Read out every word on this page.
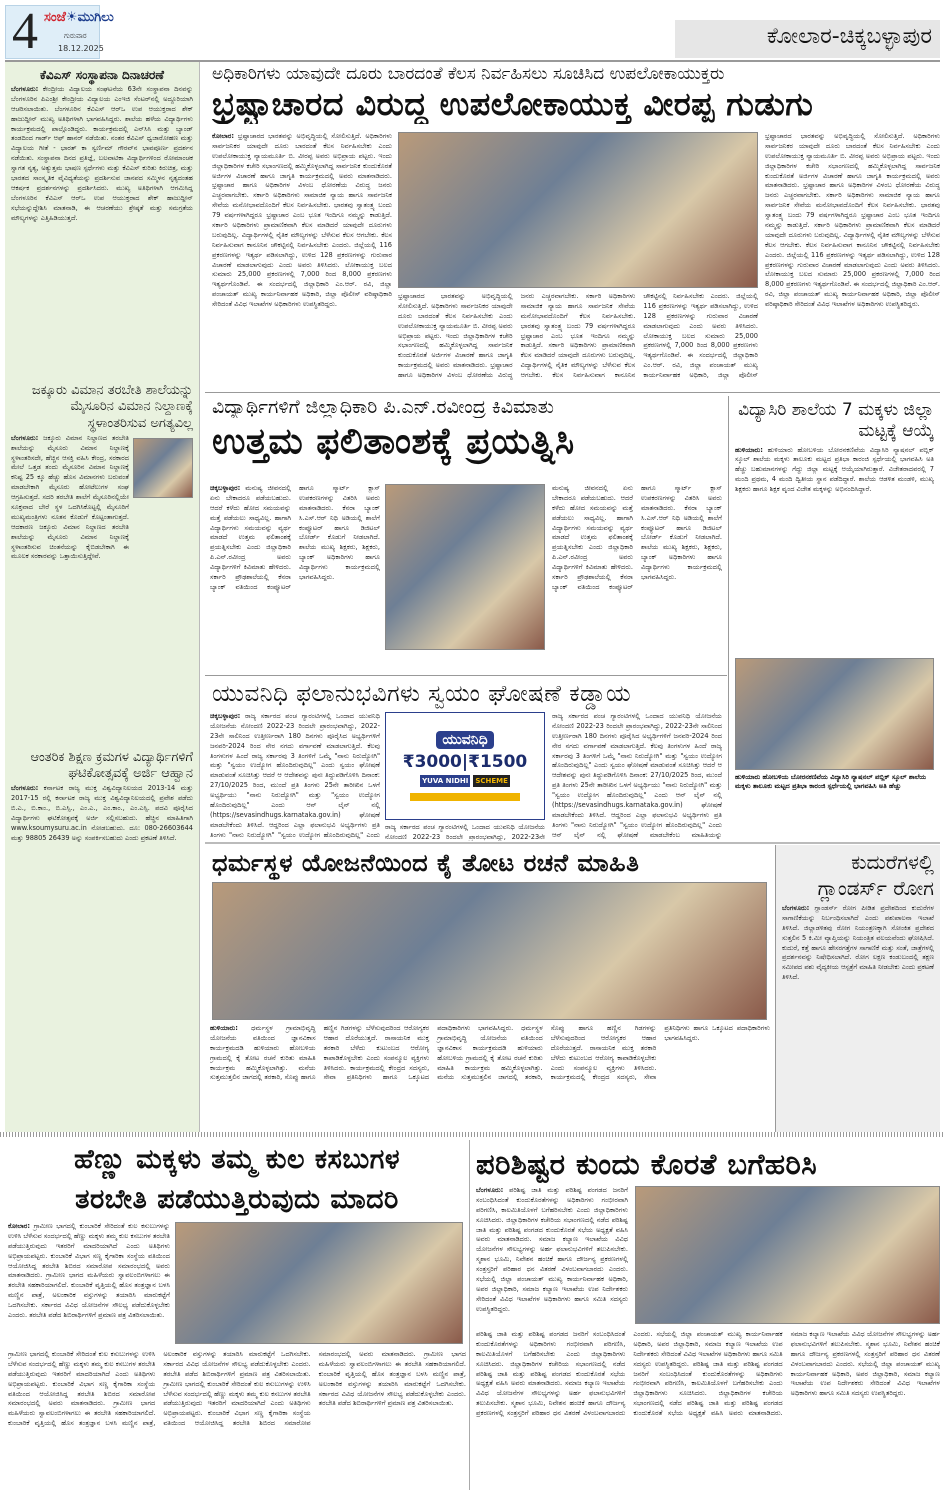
4 ಸಂಜೆ☀ಮುಗಿಲು
ಗುರುವಾರ
18.12.2025	ಕೋಲಾರ-ಚಿಕ್ಕಬಳ್ಳಾಪುರ
ಕೆವಿಎಸ್ ಸಂಸ್ಥಾಪನಾ ದಿನಾಚರಣೆ

ಬೆಂಗಳೂರು: ಕೇಂದ್ರೀಯ ವಿದ್ಯಾಲಯ ಸಂಘಟನೆಯ 63ನೇ ಸಂಸ್ಥಾಪನಾ ದಿನವನ್ನು ಬೆಂಗಳೂರಿನ ಪಿಎಂಶ್ರೀ ಕೇಂದ್ರೀಯ ವಿದ್ಯಾಲಯ ಎಂಇಜಿ ಸೆಂಟರ್‌ನಲ್ಲಿ ಅದ್ದೂರಿಯಾಗಿ ಆಚರಿಸಲಾಯಿತು. ಬೆಂಗಳೂರಿನ ಕೆವಿಎಸ್ ಆರ್‌ಒ ಉಪ ಆಯುಕ್ತರಾದ ಶೇಕ್ ಹಾಜುದ್ದೀನ್ ಮುಖ್ಯ ಅತಿಥಿಗಳಾಗಿ ಭಾಗವಹಿಸಿದ್ದರು. ಶಾಲೆಯ ಹಳೆಯ ವಿದ್ಯಾರ್ಥಿಗಳು ಕಾರ್ಯಕ್ರಮದಲ್ಲಿ ಪಾಲ್ಗೊಂಡಿದ್ದರು. ಕಾರ್ಯಕ್ರಮದಲ್ಲಿ ಎನ್‌ಸಿಸಿ ಮತ್ತು ಬ್ಯಾಂಡ್ ತಂಡದಿಂದ ಗಾರ್ಡ್ ಆಫ್ ಹಾನರ್ ನಡೆಯಿತು. ನಂತರ ಕೆವಿಎಸ್ ಧ್ವಜಾರೋಹಣ ಮತ್ತು ವಿದ್ಯಾಲಯ ಗೀತೆ - ಭಾರತ್ ಕಾ ಸ್ವರ್ಣಿಮ್ ಗೌರವ್‌ನ ಭಾವಪೂರ್ಣ ಪ್ರದರ್ಶನ ನಡೆಯಿತು. ಸಂಸ್ಥಾಪನಾ ದಿನದ ಪ್ರತಿಜ್ಞೆ, ಬಲವಾಟಿಕಾ ವಿದ್ಯಾರ್ಥಿಗಳಿಂದ ರೋಮಾಂಚಕ ಸ್ವಾಗತ ನೃತ್ಯ, ಅತ್ಯುತ್ತಮ ಭಾಷಣ ಸ್ಪರ್ಧೆಗಳು ಮತ್ತು ಕೆವಿಎಸ್ ಕುರಿತು ಕಿರುಚಿತ್ರ, ಮತ್ತು ಭಾರತದ ಸಾಂಸ್ಕೃತಿಕ ವೈವಿಧ್ಯತೆಯನ್ನು ಪ್ರದರ್ಶಿಸುವ ಜಾನಪದ ಸಮ್ಮಿಳನ ನೃತ್ಯದಂತಹ ಆಕರ್ಷಕ ಪ್ರದರ್ಶನಗಳನ್ನು ಪ್ರದರ್ಶಿಸಿದರು. ಮುಖ್ಯ ಅತಿಥಿಗಳಾಗಿ ಆಗಮಿಸಿದ್ದ ಬೆಂಗಳೂರಿನ ಕೆವಿಎಸ್ ಆರ್‌ಒ ಉಪ ಆಯುಕ್ತರಾದ ಶೇಕ್ ಹಾಜುದ್ದೀನ್ ಸಭೆಯನ್ನುದ್ದೇಶಿಸಿ ಮಾತನಾಡಿ, ಈ ಆಚರಣೆಯು ಶ್ರೇಷ್ಠತೆ ಮತ್ತು ಸಮಗ್ರತೆಯ ಮೌಲ್ಯಗಳನ್ನು ಎತ್ತಿಹಿಡಿಯುತ್ತದೆ.

ಜಕ್ಕೂರು ವಿಮಾನ ತರಬೇತಿ ಶಾಲೆಯನ್ನು ಮೈಸೂರಿನ ವಿಮಾನ ನಿಲ್ದಾಣಕ್ಕೆ ಸ್ಥಳಾಂತರಿಸುವ ಅಗತ್ಯವಿಲ್ಲ

ಬೆಂಗಳೂರು: ಜಕ್ಕೂರು ವಿಮಾನ ನಿಲ್ದಾಣದ ತರಬೇತಿ ಶಾಲೆಯನ್ನು ಮೈಸೂರು ವಿಮಾನ ನಿಲ್ದಾಣಕ್ಕೆ ಸ್ಥಳಾಂತರಿಸದೇ, ಹೆಚ್ಚಿನ ಆಸಕ್ತಿ ವಹಿಸಿ ಕೇಂದ್ರ, ಸರಕಾರದ ಮೇಲೆ ಒತ್ತಡ ತಂದು ಮೈಸೂರಿನ ವಿಮಾನ ನಿಲ್ದಾಣಕ್ಕೆ ಕನಿಷ್ಟ 25 ಕ್ಕೂ ಹೆಚ್ಚು ಹೊಸ ವಿಮಾನಗಳು ಬರುವಂತೆ ಮಾಡಬೇಕಾಗಿ ಮೈಸೂರು ಹೋಟೆಲುಗಳ ಸಂಘ ಆಗ್ರಹಿಸುತ್ತದೆ. ಸದರಿ ತರಬೇತಿ ಶಾಲೆಗೆ ಮೈಸೂರಿನಲ್ಲಿಯೇ ಸೂಕ್ತವಾದ ಬೇರೆ ಸ್ಥಳ ಒದಗಿಸಿಕೊಟ್ಟಲ್ಲಿ ಮೈಸೂರಿಗೆ ಮುಖ್ಯಮಂತ್ರಿಗಳು ನೂತನ ಕೊಡುಗೆ ಕೊಟ್ಟಂತಾಗುತ್ತದೆ. ಆದಕಾರಣ ಜಕ್ಕೂರು ವಿಮಾನ ನಿಲ್ದಾಣದ ತರಬೇತಿ ಶಾಲೆಯನ್ನು ಮೈಸೂರು ವಿಮಾನ ನಿಲ್ದಾಣಕ್ಕೆ ಸ್ಥಳಾಂತರಿಸುವ ಚಿಂತನೆಯನ್ನು ಕೈಬಿಡಬೇಕಾಗಿ ಈ ಮೂಲಕ ಸರಕಾರವನ್ನು ಒತ್ತಾಯಿಸುತ್ತಿದ್ದೇವೆ.

ಆಂತರಿಕ ಶಿಕ್ಷಣ ಕ್ರಮಗಳ ವಿದ್ಯಾರ್ಥಿಗಳಿಗೆ ಘಟಿಕೋತ್ಸವಕ್ಕೆ ಅರ್ಜಿ ಆಹ್ವಾನ

ಬೆಂಗಳೂರು: ಕರ್ನಾಟಕ ರಾಜ್ಯ ಮುಕ್ತ ವಿಶ್ವವಿದ್ಯಾನಿಲಯದ 2013-14 ಮತ್ತು 2017-15 ರಲ್ಲಿ ಕರ್ನಾಟಕ ರಾಜ್ಯ ಮುಕ್ತ ವಿಶ್ವವಿದ್ಯಾನಿಲಯದಲ್ಲಿ ಪ್ರವೇಶ ಪಡೆದು ಬಿ.ಎ., ಬಿ.ಕಾಂ., ಬಿ.ಎಸ್ಸಿ., ಎಂ.ಎ., ಎಂ.ಕಾಂ., ಎಂ.ಎಸ್ಸಿ. ಪದವಿ ಪೂರೈಸಿದ ವಿದ್ಯಾರ್ಥಿಗಳು ಘಟಿಕೋತ್ಸವಕ್ಕೆ ಅರ್ಜಿ ಸಲ್ಲಿಸಬಹುದು. ಹೆಚ್ಚಿನ ಮಾಹಿತಿಗಾಗಿ www.ksoumysuru.ac.in ನೋಡಬಹುದು. ದೂ: 080-26603644 ಮತ್ತು 98805 26439 ಅನ್ನು ಸಂಪರ್ಕಿಸಬಹುದು ಎಂದು ಪ್ರಕಟಣೆ ತಿಳಿಸಿದೆ.

ಅಧಿಕಾರಿಗಳು ಯಾವುದೇ ದೂರು ಬಾರದಂತೆ ಕೆಲಸ ನಿರ್ವಹಿಸಲು ಸೂಚಿಸಿದ ಉಪಲೋಕಾಯುಕ್ತರು
ಭ್ರಷ್ಟಾಚಾರದ ವಿರುದ್ಧ ಉಪಲೋಕಾಯುಕ್ತ ವೀರಪ್ಪ ಗುಡುಗು
ಕೋಲಾರ: ಭ್ರಷ್ಟಾಚಾರದ ಭಾರತವನ್ನು ಅಭಿವೃದ್ಧಿಯಲ್ಲಿ ಸೋಲಿಸುತ್ತಿದೆ. ಅಧಿಕಾರಿಗಳು ಸಾರ್ವಜನಿಕರ ಯಾವುದೇ ದೂರು ಬಾರದಂತೆ ಕೆಲಸ ನಿರ್ವಹಿಸಬೇಕು ಎಂದು ಉಪಲೋಕಾಯುಕ್ತ ನ್ಯಾಯಮೂರ್ತಿ ಬಿ. ವೀರಪ್ಪ ಅವರು ಅಭಿಪ್ರಾಯ ಪಟ್ಟರು. ಇಂದು ಜಿಲ್ಲಾಧಿಕಾರಿಗಳ ಕಚೇರಿ ಸಭಾಂಗಣದಲ್ಲಿ ಹಮ್ಮಿಕೊಳ್ಳಲಾಗಿದ್ದ ಸಾರ್ವಜನಿಕ ಕುಂದುಕೊರತೆ ಅರ್ಜಿಗಳ ವಿಚಾರಣೆ ಹಾಗೂ ಜಾಗೃತಿ ಕಾರ್ಯಕ್ರಮದಲ್ಲಿ ಅವರು ಮಾತನಾಡಿದರು. ಭ್ರಷ್ಟಾಚಾರ ಹಾಗೂ ಅಧಿಕಾರಿಗಳ ವಿಳಂಬ ಧೋರಣೆಯ ವಿರುದ್ಧ ಜನರು ಎಚ್ಚರವಾಗಬೇಕು. ಸರ್ಕಾರಿ ಅಧಿಕಾರಿಗಳು ಸಾಮಾಜಿಕ ನ್ಯಾಯ ಹಾಗೂ ಸಾರ್ವಜನಿಕ ಸೇವೆಯ ಮನೋಭಾವದೊಂದಿಗೆ ಕೆಲಸ ನಿರ್ವಹಿಸಬೇಕು. ಭಾರತವು ಸ್ವಾತಂತ್ರ್ಯ ಬಂದು 79 ವರ್ಷಗಳಾಗಿದ್ದರೂ ಭ್ರಷ್ಟಾಚಾರ ಎಂಬ ಭೂತ ಇಂದಿಗೂ ನಮ್ಮನ್ನು ಕಾಡುತ್ತಿದೆ. ಸರ್ಕಾರಿ ಅಧಿಕಾರಿಗಳು ಪ್ರಾಮಾಣಿಕವಾಗಿ ಕೆಲಸ ಮಾಡಿದರೆ ಯಾವುದೇ ದೂರುಗಳು ಬರುವುದಿಲ್ಲ. ವಿದ್ಯಾರ್ಥಿಗಳಲ್ಲಿ ನೈತಿಕ ಮೌಲ್ಯಗಳನ್ನು ಬೆಳೆಸುವ ಕೆಲಸ ಆಗಬೇಕು. ಕೆಲಸ ನಿರ್ವಹಿಸುವಾಗ ಕಾನೂನಿನ ಚೌಕಟ್ಟಿನಲ್ಲಿ ನಿರ್ವಹಿಸಬೇಕು ಎಂದರು. ಜಿಲ್ಲೆಯಲ್ಲಿ 116 ಪ್ರಕರಣಗಳನ್ನು ಇತ್ಯರ್ಥ ಪಡಿಸಲಾಗಿದ್ದು, ಉಳಿದ 128 ಪ್ರಕರಣಗಳನ್ನು ಗುರುವಾರ ವಿಚಾರಣೆ ಮಾಡಲಾಗುವುದು ಎಂದು ಅವರು ತಿಳಿಸಿದರು. ಲೋಕಾಯುಕ್ತ ಬಲದ ಸುಮಾರು 25,000 ಪ್ರಕರಣಗಳಲ್ಲಿ 7,000 ರಿಂದ 8,000 ಪ್ರಕರಣಗಳು ಇತ್ಯರ್ಥಗೊಂಡಿವೆ. ಈ ಸಂದರ್ಭದಲ್ಲಿ ಜಿಲ್ಲಾಧಿಕಾರಿ ಎಂ.ಆರ್. ರವಿ, ಜಿಲ್ಲಾ ಪಂಚಾಯತ್ ಮುಖ್ಯ ಕಾರ್ಯನಿರ್ವಾಹಕ ಅಧಿಕಾರಿ, ಜಿಲ್ಲಾ ಪೊಲೀಸ್ ವರಿಷ್ಠಾಧಿಕಾರಿ ಸೇರಿದಂತೆ ವಿವಿಧ ಇಲಾಖೆಗಳ ಅಧಿಕಾರಿಗಳು ಉಪಸ್ಥಿತರಿದ್ದರು.
ಭ್ರಷ್ಟಾಚಾರದ ಭಾರತವನ್ನು ಅಭಿವೃದ್ಧಿಯಲ್ಲಿ ಸೋಲಿಸುತ್ತಿದೆ. ಅಧಿಕಾರಿಗಳು ಸಾರ್ವಜನಿಕರ ಯಾವುದೇ ದೂರು ಬಾರದಂತೆ ಕೆಲಸ ನಿರ್ವಹಿಸಬೇಕು ಎಂದು ಉಪಲೋಕಾಯುಕ್ತ ನ್ಯಾಯಮೂರ್ತಿ ಬಿ. ವೀರಪ್ಪ ಅವರು ಅಭಿಪ್ರಾಯ ಪಟ್ಟರು. ಇಂದು ಜಿಲ್ಲಾಧಿಕಾರಿಗಳ ಕಚೇರಿ ಸಭಾಂಗಣದಲ್ಲಿ ಹಮ್ಮಿಕೊಳ್ಳಲಾಗಿದ್ದ ಸಾರ್ವಜನಿಕ ಕುಂದುಕೊರತೆ ಅರ್ಜಿಗಳ ವಿಚಾರಣೆ ಹಾಗೂ ಜಾಗೃತಿ ಕಾರ್ಯಕ್ರಮದಲ್ಲಿ ಅವರು ಮಾತನಾಡಿದರು. ಭ್ರಷ್ಟಾಚಾರ ಹಾಗೂ ಅಧಿಕಾರಿಗಳ ವಿಳಂಬ ಧೋರಣೆಯ ವಿರುದ್ಧ ಜನರು ಎಚ್ಚರವಾಗಬೇಕು. ಸರ್ಕಾರಿ ಅಧಿಕಾರಿಗಳು ಸಾಮಾಜಿಕ ನ್ಯಾಯ ಹಾಗೂ ಸಾರ್ವಜನಿಕ ಸೇವೆಯ ಮನೋಭಾವದೊಂದಿಗೆ ಕೆಲಸ ನಿರ್ವಹಿಸಬೇಕು. ಭಾರತವು ಸ್ವಾತಂತ್ರ್ಯ ಬಂದು 79 ವರ್ಷಗಳಾಗಿದ್ದರೂ ಭ್ರಷ್ಟಾಚಾರ ಎಂಬ ಭೂತ ಇಂದಿಗೂ ನಮ್ಮನ್ನು ಕಾಡುತ್ತಿದೆ. ಸರ್ಕಾರಿ ಅಧಿಕಾರಿಗಳು ಪ್ರಾಮಾಣಿಕವಾಗಿ ಕೆಲಸ ಮಾಡಿದರೆ ಯಾವುದೇ ದೂರುಗಳು ಬರುವುದಿಲ್ಲ. ವಿದ್ಯಾರ್ಥಿಗಳಲ್ಲಿ ನೈತಿಕ ಮೌಲ್ಯಗಳನ್ನು ಬೆಳೆಸುವ ಕೆಲಸ ಆಗಬೇಕು. ಕೆಲಸ ನಿರ್ವಹಿಸುವಾಗ ಕಾನೂನಿನ ಚೌಕಟ್ಟಿನಲ್ಲಿ ನಿರ್ವಹಿಸಬೇಕು ಎಂದರು. ಜಿಲ್ಲೆಯಲ್ಲಿ 116 ಪ್ರಕರಣಗಳನ್ನು ಇತ್ಯರ್ಥ ಪಡಿಸಲಾಗಿದ್ದು, ಉಳಿದ 128 ಪ್ರಕರಣಗಳನ್ನು ಗುರುವಾರ ವಿಚಾರಣೆ ಮಾಡಲಾಗುವುದು ಎಂದು ಅವರು ತಿಳಿಸಿದರು. ಲೋಕಾಯುಕ್ತ ಬಲದ ಸುಮಾರು 25,000 ಪ್ರಕರಣಗಳಲ್ಲಿ 7,000 ರಿಂದ 8,000 ಪ್ರಕರಣಗಳು ಇತ್ಯರ್ಥಗೊಂಡಿವೆ. ಈ ಸಂದರ್ಭದಲ್ಲಿ ಜಿಲ್ಲಾಧಿಕಾರಿ ಎಂ.ಆರ್. ರವಿ, ಜಿಲ್ಲಾ ಪಂಚಾಯತ್ ಮುಖ್ಯ ಕಾರ್ಯನಿರ್ವಾಹಕ ಅಧಿಕಾರಿ, ಜಿಲ್ಲಾ ಪೊಲೀಸ್
ಭ್ರಷ್ಟಾಚಾರದ ಭಾರತವನ್ನು ಅಭಿವೃದ್ಧಿಯಲ್ಲಿ ಸೋಲಿಸುತ್ತಿದೆ. ಅಧಿಕಾರಿಗಳು ಸಾರ್ವಜನಿಕರ ಯಾವುದೇ ದೂರು ಬಾರದಂತೆ ಕೆಲಸ ನಿರ್ವಹಿಸಬೇಕು ಎಂದು ಉಪಲೋಕಾಯುಕ್ತ ನ್ಯಾಯಮೂರ್ತಿ ಬಿ. ವೀರಪ್ಪ ಅವರು ಅಭಿಪ್ರಾಯ ಪಟ್ಟರು. ಇಂದು ಜಿಲ್ಲಾಧಿಕಾರಿಗಳ ಕಚೇರಿ ಸಭಾಂಗಣದಲ್ಲಿ ಹಮ್ಮಿಕೊಳ್ಳಲಾಗಿದ್ದ ಸಾರ್ವಜನಿಕ ಕುಂದುಕೊರತೆ ಅರ್ಜಿಗಳ ವಿಚಾರಣೆ ಹಾಗೂ ಜಾಗೃತಿ ಕಾರ್ಯಕ್ರಮದಲ್ಲಿ ಅವರು ಮಾತನಾಡಿದರು. ಭ್ರಷ್ಟಾಚಾರ ಹಾಗೂ ಅಧಿಕಾರಿಗಳ ವಿಳಂಬ ಧೋರಣೆಯ ವಿರುದ್ಧ ಜನರು ಎಚ್ಚರವಾಗಬೇಕು. ಸರ್ಕಾರಿ ಅಧಿಕಾರಿಗಳು ಸಾಮಾಜಿಕ ನ್ಯಾಯ ಹಾಗೂ ಸಾರ್ವಜನಿಕ ಸೇವೆಯ ಮನೋಭಾವದೊಂದಿಗೆ ಕೆಲಸ ನಿರ್ವಹಿಸಬೇಕು. ಭಾರತವು ಸ್ವಾತಂತ್ರ್ಯ ಬಂದು 79 ವರ್ಷಗಳಾಗಿದ್ದರೂ ಭ್ರಷ್ಟಾಚಾರ ಎಂಬ ಭೂತ ಇಂದಿಗೂ ನಮ್ಮನ್ನು ಕಾಡುತ್ತಿದೆ. ಸರ್ಕಾರಿ ಅಧಿಕಾರಿಗಳು ಪ್ರಾಮಾಣಿಕವಾಗಿ ಕೆಲಸ ಮಾಡಿದರೆ ಯಾವುದೇ ದೂರುಗಳು ಬರುವುದಿಲ್ಲ. ವಿದ್ಯಾರ್ಥಿಗಳಲ್ಲಿ ನೈತಿಕ ಮೌಲ್ಯಗಳನ್ನು ಬೆಳೆಸುವ ಕೆಲಸ ಆಗಬೇಕು. ಕೆಲಸ ನಿರ್ವಹಿಸುವಾಗ ಕಾನೂನಿನ ಚೌಕಟ್ಟಿನಲ್ಲಿ ನಿರ್ವಹಿಸಬೇಕು ಎಂದರು. ಜಿಲ್ಲೆಯಲ್ಲಿ 116 ಪ್ರಕರಣಗಳನ್ನು ಇತ್ಯರ್ಥ ಪಡಿಸಲಾಗಿದ್ದು, ಉಳಿದ 128 ಪ್ರಕರಣಗಳನ್ನು ಗುರುವಾರ ವಿಚಾರಣೆ ಮಾಡಲಾಗುವುದು ಎಂದು ಅವರು ತಿಳಿಸಿದರು. ಲೋಕಾಯುಕ್ತ ಬಲದ ಸುಮಾರು 25,000 ಪ್ರಕರಣಗಳಲ್ಲಿ 7,000 ರಿಂದ 8,000 ಪ್ರಕರಣಗಳು ಇತ್ಯರ್ಥಗೊಂಡಿವೆ. ಈ ಸಂದರ್ಭದಲ್ಲಿ ಜಿಲ್ಲಾಧಿಕಾರಿ ಎಂ.ಆರ್. ರವಿ, ಜಿಲ್ಲಾ ಪಂಚಾಯತ್ ಮುಖ್ಯ ಕಾರ್ಯನಿರ್ವಾಹಕ ಅಧಿಕಾರಿ, ಜಿಲ್ಲಾ ಪೊಲೀಸ್ ವರಿಷ್ಠಾಧಿಕಾರಿ ಸೇರಿದಂತೆ ವಿವಿಧ ಇಲಾಖೆಗಳ ಅಧಿಕಾರಿಗಳು ಉಪಸ್ಥಿತರಿದ್ದರು.
ವಿದ್ಯಾರ್ಥಿಗಳಿಗೆ ಜಿಲ್ಲಾಧಿಕಾರಿ ಪಿ.ಎನ್.ರವೀಂದ್ರ ಕಿವಿಮಾತು
ಉತ್ತಮ ಫಲಿತಾಂಶಕ್ಕೆ ಪ್ರಯತ್ನಿಸಿ
ಚಿಕ್ಕಬಳ್ಳಾಪುರ: ಮನುಷ್ಯ ಜೀವನದಲ್ಲಿ ಏನು ಬೇಕಾದರೂ ಪಡೆಯಬಹುದು. ಆದರೆ ಕಳೆದು ಹೋದ ಸಮಯವನ್ನು ಮತ್ತೆ ಪಡೆಯಲು ಸಾಧ್ಯವಿಲ್ಲ. ಹಾಗಾಗಿ ವಿದ್ಯಾರ್ಥಿಗಳು ಸಮಯವನ್ನು ವ್ಯರ್ಥ ಮಾಡದೆ ಉತ್ತಮ ಫಲಿತಾಂಶಕ್ಕೆ ಪ್ರಯತ್ನಿಸಬೇಕು ಎಂದು ಜಿಲ್ಲಾಧಿಕಾರಿ ಪಿ.ಎನ್.ರವೀಂದ್ರ ಅವರು ವಿದ್ಯಾರ್ಥಿಗಳಿಗೆ ಕಿವಿಮಾತು ಹೇಳಿದರು. ಸರ್ಕಾರಿ ಪ್ರೌಢಶಾಲೆಯಲ್ಲಿ ಕೆನರಾ ಬ್ಯಾಂಕ್ ವತಿಯಿಂದ ಕಂಪ್ಯೂಟರ್ ಹಾಗೂ ಸ್ಮಾರ್ಟ್ ಕ್ಲಾಸ್ ಉಪಕರಣಗಳನ್ನು ವಿತರಿಸಿ ಅವರು ಮಾತನಾಡಿದರು. ಕೆನರಾ ಬ್ಯಾಂಕ್ ಸಿ.ಎಸ್.ಆರ್ ನಿಧಿ ಅಡಿಯಲ್ಲಿ ಶಾಲೆಗೆ ಕಂಪ್ಯೂಟರ್ ಹಾಗೂ ಡಿಜಿಟಲ್ ಬೋರ್ಡ್ ಕೊಡುಗೆ ನೀಡಲಾಗಿದೆ. ಶಾಲೆಯ ಮುಖ್ಯ ಶಿಕ್ಷಕರು, ಶಿಕ್ಷಕರು, ಬ್ಯಾಂಕ್ ಅಧಿಕಾರಿಗಳು ಹಾಗೂ ವಿದ್ಯಾರ್ಥಿಗಳು ಕಾರ್ಯಕ್ರಮದಲ್ಲಿ ಭಾಗವಹಿಸಿದ್ದರು.
ಮನುಷ್ಯ ಜೀವನದಲ್ಲಿ ಏನು ಬೇಕಾದರೂ ಪಡೆಯಬಹುದು. ಆದರೆ ಕಳೆದು ಹೋದ ಸಮಯವನ್ನು ಮತ್ತೆ ಪಡೆಯಲು ಸಾಧ್ಯವಿಲ್ಲ. ಹಾಗಾಗಿ ವಿದ್ಯಾರ್ಥಿಗಳು ಸಮಯವನ್ನು ವ್ಯರ್ಥ ಮಾಡದೆ ಉತ್ತಮ ಫಲಿತಾಂಶಕ್ಕೆ ಪ್ರಯತ್ನಿಸಬೇಕು ಎಂದು ಜಿಲ್ಲಾಧಿಕಾರಿ ಪಿ.ಎನ್.ರವೀಂದ್ರ ಅವರು ವಿದ್ಯಾರ್ಥಿಗಳಿಗೆ ಕಿವಿಮಾತು ಹೇಳಿದರು. ಸರ್ಕಾರಿ ಪ್ರೌಢಶಾಲೆಯಲ್ಲಿ ಕೆನರಾ ಬ್ಯಾಂಕ್ ವತಿಯಿಂದ ಕಂಪ್ಯೂಟರ್ ಹಾಗೂ ಸ್ಮಾರ್ಟ್ ಕ್ಲಾಸ್ ಉಪಕರಣಗಳನ್ನು ವಿತರಿಸಿ ಅವರು ಮಾತನಾಡಿದರು. ಕೆನರಾ ಬ್ಯಾಂಕ್ ಸಿ.ಎಸ್.ಆರ್ ನಿಧಿ ಅಡಿಯಲ್ಲಿ ಶಾಲೆಗೆ ಕಂಪ್ಯೂಟರ್ ಹಾಗೂ ಡಿಜಿಟಲ್ ಬೋರ್ಡ್ ಕೊಡುಗೆ ನೀಡಲಾಗಿದೆ. ಶಾಲೆಯ ಮುಖ್ಯ ಶಿಕ್ಷಕರು, ಶಿಕ್ಷಕರು, ಬ್ಯಾಂಕ್ ಅಧಿಕಾರಿಗಳು ಹಾಗೂ ವಿದ್ಯಾರ್ಥಿಗಳು ಕಾರ್ಯಕ್ರಮದಲ್ಲಿ ಭಾಗವಹಿಸಿದ್ದರು.
ವಿದ್ಯಾಸಿರಿ ಶಾಲೆಯ 7 ಮಕ್ಕಳು ಜಿಲ್ಲಾ ಮಟ್ಟಕ್ಕೆ ಆಯ್ಕೆ

ಹುಳಿಯಾರು: ಹುಳಿಯಾರು ಹೋಬಳಿಯ ಬೋರನಕಣಿವೆಯ ವಿದ್ಯಾಸಿರಿ ನ್ಯಾಷನಲ್ ಪಬ್ಲಿಕ್ ಸ್ಕೂಲ್ ಶಾಲೆಯ ಮಕ್ಕಳು ತಾಲೂಕು ಮಟ್ಟದ ಪ್ರತಿಭಾ ಕಾರಂಜಿ ಸ್ಪರ್ಧೆಯಲ್ಲಿ ಭಾಗವಹಿಸಿ ಅತಿ ಹೆಚ್ಚು ಬಹುಮಾನಗಳನ್ನು ಗೆದ್ದು ಜಿಲ್ಲಾ ಮಟ್ಟಕ್ಕೆ ಆಯ್ಕೆಯಾಗಿರುತ್ತಾರೆ. ವಿಜೇತರಾದವರಲ್ಲಿ 7 ಮಂದಿ ಪ್ರಥಮ, 4 ಮಂದಿ ದ್ವಿತೀಯ ಸ್ಥಾನ ಪಡೆದಿದ್ದಾರೆ. ಶಾಲೆಯ ಆಡಳಿತ ಮಂಡಳಿ, ಮುಖ್ಯ ಶಿಕ್ಷಕರು ಹಾಗೂ ಶಿಕ್ಷಕ ವೃಂದ ವಿಜೇತ ಮಕ್ಕಳನ್ನು ಅಭಿನಂದಿಸಿದ್ದಾರೆ.

ಹುಳಿಯಾರು ಹೋಬಳಿಯ ಬೋರನಕಣಿವೆಯ ವಿದ್ಯಾಸಿರಿ ನ್ಯಾಷನಲ್ ಪಬ್ಲಿಕ್ ಸ್ಕೂಲ್ ಶಾಲೆಯ ಮಕ್ಕಳು ತಾಲೂಕು ಮಟ್ಟದ ಪ್ರತಿಭಾ ಕಾರಂಜಿ ಸ್ಪರ್ಧೆಯಲ್ಲಿ ಭಾಗವಹಿಸಿ ಅತಿ ಹೆಚ್ಚು

ಯುವನಿಧಿ ಫಲಾನುಭವಿಗಳು ಸ್ವಯಂ ಘೋಷಣೆ ಕಡ್ಡಾಯ
ಚಿಕ್ಕಬಳ್ಳಾಪುರ: ರಾಜ್ಯ ಸರ್ಕಾರದ ಪಂಚ ಗ್ಯಾರಂಟಿಗಳಲ್ಲಿ ಒಂದಾದ ಯುವನಿಧಿ ಯೋಜನೆಯ ನೋಂದಣಿ 2022-23 ರಿಂದಲೇ ಪ್ರಾರಂಭವಾಗಿದ್ದು, 2022-23ನೇ ಸಾಲಿನಿಂದ ಉತ್ತೀರ್ಣರಾಗಿ 180 ದಿನಗಳು ಪೂರೈಸಿದ ಅಭ್ಯರ್ಥಿಗಳಿಗೆ ಜನವರಿ-2024 ರಿಂದ ನೇರ ನಗದು ವರ್ಗಾವಣೆ ಮಾಡಲಾಗುತ್ತಿದೆ. ಕೆಲವು ತಿಂಗಳುಗಳ ಹಿಂದೆ ರಾಜ್ಯ ಸರ್ಕಾರವು 3 ತಿಂಗಳಿಗೆ ಒಮ್ಮೆ "ನಾನು ನಿರುದ್ಯೋಗಿ" ಮತ್ತು "ಸ್ವಯಂ ಉದ್ಯೋಗ ಹೊಂದಿರುವುದಿಲ್ಲ" ಎಂದು ಸ್ವಯಂ ಘೋಷಣೆ ಮಾಡುವಂತೆ ಸೂಚಿಸಿತ್ತು ಆದರೆ ಆ ಆದೇಶವನ್ನು ಪುನಃ ತಿದ್ದುಪಡಿಗೊಳಿಸಿ ದಿನಾಂಕ: 27/10/2025 ರಿಂದ, ಮುಂದೆ ಪ್ರತಿ ತಿಂಗಳು 25ನೇ ತಾರೀಖಿನ ಒಳಗೆ ಅಭ್ಯರ್ಥಿಯು "ನಾನು ನಿರುದ್ಯೋಗಿ" ಮತ್ತು "ಸ್ವಯಂ ಉದ್ಯೋಗ ಹೊಂದಿರುವುದಿಲ್ಲ" ಎಂದು ಆನ್ ಲೈನ್ ನಲ್ಲಿ (https://sevasindhugs.karnataka.gov.in) ಘೋಷಣೆ ಮಾಡಬೇಕೆಂದು ತಿಳಿಸಿದೆ. ಆದ್ದರಿಂದ ಎಲ್ಲಾ ಫಲಾನುಭವಿ ಅಭ್ಯರ್ಥಿಗಳು ಪ್ರತಿ ತಿಂಗಳು "ನಾನು ನಿರುದ್ಯೋಗಿ" "ಸ್ವಯಂ ಉದ್ಯೋಗ ಹೊಂದಿರುವುದಿಲ್ಲ" ಎಂದು
ಯುವನಿಧಿ
₹3000|₹1500
YUVA NIDHI SCHEME
ರಾಜ್ಯ ಸರ್ಕಾರದ ಪಂಚ ಗ್ಯಾರಂಟಿಗಳಲ್ಲಿ ಒಂದಾದ ಯುವನಿಧಿ ಯೋಜನೆಯ ನೋಂದಣಿ 2022-23 ರಿಂದಲೇ ಪ್ರಾರಂಭವಾಗಿದ್ದು, 2022-23ನೇ
ರಾಜ್ಯ ಸರ್ಕಾರದ ಪಂಚ ಗ್ಯಾರಂಟಿಗಳಲ್ಲಿ ಒಂದಾದ ಯುವನಿಧಿ ಯೋಜನೆಯ ನೋಂದಣಿ 2022-23 ರಿಂದಲೇ ಪ್ರಾರಂಭವಾಗಿದ್ದು, 2022-23ನೇ ಸಾಲಿನಿಂದ ಉತ್ತೀರ್ಣರಾಗಿ 180 ದಿನಗಳು ಪೂರೈಸಿದ ಅಭ್ಯರ್ಥಿಗಳಿಗೆ ಜನವರಿ-2024 ರಿಂದ ನೇರ ನಗದು ವರ್ಗಾವಣೆ ಮಾಡಲಾಗುತ್ತಿದೆ. ಕೆಲವು ತಿಂಗಳುಗಳ ಹಿಂದೆ ರಾಜ್ಯ ಸರ್ಕಾರವು 3 ತಿಂಗಳಿಗೆ ಒಮ್ಮೆ "ನಾನು ನಿರುದ್ಯೋಗಿ" ಮತ್ತು "ಸ್ವಯಂ ಉದ್ಯೋಗ ಹೊಂದಿರುವುದಿಲ್ಲ" ಎಂದು ಸ್ವಯಂ ಘೋಷಣೆ ಮಾಡುವಂತೆ ಸೂಚಿಸಿತ್ತು ಆದರೆ ಆ ಆದೇಶವನ್ನು ಪುನಃ ತಿದ್ದುಪಡಿಗೊಳಿಸಿ ದಿನಾಂಕ: 27/10/2025 ರಿಂದ, ಮುಂದೆ ಪ್ರತಿ ತಿಂಗಳು 25ನೇ ತಾರೀಖಿನ ಒಳಗೆ ಅಭ್ಯರ್ಥಿಯು "ನಾನು ನಿರುದ್ಯೋಗಿ" ಮತ್ತು "ಸ್ವಯಂ ಉದ್ಯೋಗ ಹೊಂದಿರುವುದಿಲ್ಲ" ಎಂದು ಆನ್ ಲೈನ್ ನಲ್ಲಿ (https://sevasindhugs.karnataka.gov.in) ಘೋಷಣೆ ಮಾಡಬೇಕೆಂದು ತಿಳಿಸಿದೆ. ಆದ್ದರಿಂದ ಎಲ್ಲಾ ಫಲಾನುಭವಿ ಅಭ್ಯರ್ಥಿಗಳು ಪ್ರತಿ ತಿಂಗಳು "ನಾನು ನಿರುದ್ಯೋಗಿ" "ಸ್ವಯಂ ಉದ್ಯೋಗ ಹೊಂದಿರುವುದಿಲ್ಲ" ಎಂದು ಆನ್ ಲೈನ್ ನಲ್ಲಿ ಘೋಷಣೆ ಮಾಡಬೇಕೆಂಬ ಮಾಹಿತಿಯನ್ನು
ಧರ್ಮಸ್ಥಳ ಯೋಜನೆಯಿಂದ ಕೈ ತೋಟ ರಚನೆ ಮಾಹಿತಿ
ಹುಳಿಯಾರು: ಧರ್ಮಸ್ಥಳ ಗ್ರಾಮಾಭಿವೃದ್ಧಿ ಯೋಜನೆಯ ವತಿಯಿಂದ ಜ್ಞಾನವಿಕಾಸ ಕಾರ್ಯಕ್ರಮದಡಿ ಹುಳಿಯಾರು ಹೋಬಳಿಯ ಗ್ರಾಮದಲ್ಲಿ ಕೈ ತೋಟ ರಚನೆ ಕುರಿತು ಮಾಹಿತಿ ಕಾರ್ಯಕ್ರಮ ಹಮ್ಮಿಕೊಳ್ಳಲಾಗಿತ್ತು. ಮನೆಯ ಸುತ್ತಮುತ್ತಲಿನ ಜಾಗದಲ್ಲಿ ತರಕಾರಿ, ಸೊಪ್ಪು ಹಾಗೂ ಹಣ್ಣಿನ ಗಿಡಗಳನ್ನು ಬೆಳೆಸುವುದರಿಂದ ಆರೋಗ್ಯಕರ ಆಹಾರ ದೊರೆಯುತ್ತದೆ. ರಾಸಾಯನಿಕ ಮುಕ್ತ ತರಕಾರಿ ಬೆಳೆದು ಕುಟುಂಬದ ಆರೋಗ್ಯ ಕಾಪಾಡಿಕೊಳ್ಳಬೇಕು ಎಂದು ಸಂಪನ್ಮೂಲ ವ್ಯಕ್ತಿಗಳು ತಿಳಿಸಿದರು. ಕಾರ್ಯಕ್ರಮದಲ್ಲಿ ಕೇಂದ್ರದ ಸದಸ್ಯರು, ಸೇವಾ ಪ್ರತಿನಿಧಿಗಳು ಹಾಗೂ ಒಕ್ಕೂಟದ ಪದಾಧಿಕಾರಿಗಳು ಭಾಗವಹಿಸಿದ್ದರು. ಧರ್ಮಸ್ಥಳ ಗ್ರಾಮಾಭಿವೃದ್ಧಿ ಯೋಜನೆಯ ವತಿಯಿಂದ ಜ್ಞಾನವಿಕಾಸ ಕಾರ್ಯಕ್ರಮದಡಿ ಹುಳಿಯಾರು ಹೋಬಳಿಯ ಗ್ರಾಮದಲ್ಲಿ ಕೈ ತೋಟ ರಚನೆ ಕುರಿತು ಮಾಹಿತಿ ಕಾರ್ಯಕ್ರಮ ಹಮ್ಮಿಕೊಳ್ಳಲಾಗಿತ್ತು. ಮನೆಯ ಸುತ್ತಮುತ್ತಲಿನ ಜಾಗದಲ್ಲಿ ತರಕಾರಿ, ಸೊಪ್ಪು ಹಾಗೂ ಹಣ್ಣಿನ ಗಿಡಗಳನ್ನು ಬೆಳೆಸುವುದರಿಂದ ಆರೋಗ್ಯಕರ ಆಹಾರ ದೊರೆಯುತ್ತದೆ. ರಾಸಾಯನಿಕ ಮುಕ್ತ ತರಕಾರಿ ಬೆಳೆದು ಕುಟುಂಬದ ಆರೋಗ್ಯ ಕಾಪಾಡಿಕೊಳ್ಳಬೇಕು ಎಂದು ಸಂಪನ್ಮೂಲ ವ್ಯಕ್ತಿಗಳು ತಿಳಿಸಿದರು. ಕಾರ್ಯಕ್ರಮದಲ್ಲಿ ಕೇಂದ್ರದ ಸದಸ್ಯರು, ಸೇವಾ ಪ್ರತಿನಿಧಿಗಳು ಹಾಗೂ ಒಕ್ಕೂಟದ ಪದಾಧಿಕಾರಿಗಳು ಭಾಗವಹಿಸಿದ್ದರು.
ಕುದುರೆಗಳಲ್ಲಿ ಗ್ಲಾಂಡರ್ಸ್ ರೋಗ

ಬೆಂಗಳೂರು: ಗ್ಲಾಂಡರ್ಸ್ ರೋಗ ಪೀಡಿತ ಪ್ರದೇಶದಿಂದ ಕುದುರೆಗಳ ಸಾಗಾಣಿಕೆಯನ್ನು ನಿರ್ಬಂಧಿಸಲಾಗಿದೆ ಎಂದು ಪಶುಪಾಲನಾ ಇಲಾಖೆ ತಿಳಿಸಿದೆ. ಜಿಲ್ಲಾಡಳಿತವು ರೋಗ ನಿಯಂತ್ರಣಕ್ಕಾಗಿ ಸೋಂಕಿತ ಪ್ರದೇಶದ ಸುತ್ತಲಿನ 5 ಕಿ.ಮೀ ವ್ಯಾಪ್ತಿಯನ್ನು ನಿಯಂತ್ರಿತ ವಲಯವೆಂದು ಘೋಷಿಸಿದೆ. ಕುದುರೆ, ಕತ್ತೆ ಹಾಗೂ ಹೇಸರಗತ್ತೆಗಳ ಸಾಗಾಣಿಕೆ ಮತ್ತು ಸಂತೆ, ಜಾತ್ರೆಗಳಲ್ಲಿ ಪ್ರದರ್ಶನವನ್ನು ನಿಷೇಧಿಸಲಾಗಿದೆ. ರೋಗ ಲಕ್ಷಣ ಕಂಡುಬಂದಲ್ಲಿ ತಕ್ಷಣ ಸಮೀಪದ ಪಶು ವೈದ್ಯಕೀಯ ಆಸ್ಪತ್ರೆಗೆ ಮಾಹಿತಿ ನೀಡಬೇಕು ಎಂದು ಪ್ರಕಟಣೆ ತಿಳಿಸಿದೆ.

ಹೆಣ್ಣು ಮಕ್ಕಳು ತಮ್ಮ ಕುಲ ಕಸಬುಗಳ
ತರಬೇತಿ ಪಡೆಯುತ್ತಿರುವುದು ಮಾದರಿ
ಕೋಲಾರ: ಗ್ರಾಮೀಣ ಭಾಗದಲ್ಲಿ ಕುಂಬಾರಿಕೆ ಸೇರಿದಂತೆ ಕುಲ ಕಸುಬುಗಳನ್ನು ಉಳಿಸಿ ಬೆಳೆಸುವ ಸಂದರ್ಭದಲ್ಲಿ ಹೆಣ್ಣು ಮಕ್ಕಳು ತಮ್ಮ ಕುಲ ಕಸಬುಗಳ ತರಬೇತಿ ಪಡೆಯುತ್ತಿರುವುದು ಇತರರಿಗೆ ಮಾದರಿಯಾಗಿದೆ ಎಂದು ಅತಿಥಿಗಳು ಅಭಿಪ್ರಾಯಪಟ್ಟರು. ಕುಂಬಾರಿಕೆ ವಿಭಾಗ ಸಣ್ಣ ಕೈಗಾರಿಕಾ ಸಂಸ್ಥೆಯ ವತಿಯಿಂದ ಆಯೋಜಿಸಿದ್ದ ತರಬೇತಿ ಶಿಬಿರದ ಸಮಾರೋಪ ಸಮಾರಂಭದಲ್ಲಿ ಅವರು ಮಾತನಾಡಿದರು. ಗ್ರಾಮೀಣ ಭಾಗದ ಮಹಿಳೆಯರು ಸ್ವಾವಲಂಬಿಗಳಾಗಲು ಈ ತರಬೇತಿ ಸಹಕಾರಿಯಾಗಲಿದೆ. ಕುಂಬಾರಿಕೆ ವೃತ್ತಿಯಲ್ಲಿ ಹೊಸ ತಂತ್ರಜ್ಞಾನ ಬಳಸಿ ಮಣ್ಣಿನ ಪಾತ್ರೆ, ಅಲಂಕಾರಿಕ ವಸ್ತುಗಳನ್ನು ತಯಾರಿಸಿ ಮಾರುಕಟ್ಟೆಗೆ ಒದಗಿಸಬೇಕು. ಸರ್ಕಾರದ ವಿವಿಧ ಯೋಜನೆಗಳ ಸೌಲಭ್ಯ ಪಡೆದುಕೊಳ್ಳಬೇಕು ಎಂದರು. ತರಬೇತಿ ಪಡೆದ ಶಿಬಿರಾರ್ಥಿಗಳಿಗೆ ಪ್ರಮಾಣ ಪತ್ರ ವಿತರಿಸಲಾಯಿತು.
ಗ್ರಾಮೀಣ ಭಾಗದಲ್ಲಿ ಕುಂಬಾರಿಕೆ ಸೇರಿದಂತೆ ಕುಲ ಕಸುಬುಗಳನ್ನು ಉಳಿಸಿ ಬೆಳೆಸುವ ಸಂದರ್ಭದಲ್ಲಿ ಹೆಣ್ಣು ಮಕ್ಕಳು ತಮ್ಮ ಕುಲ ಕಸಬುಗಳ ತರಬೇತಿ ಪಡೆಯುತ್ತಿರುವುದು ಇತರರಿಗೆ ಮಾದರಿಯಾಗಿದೆ ಎಂದು ಅತಿಥಿಗಳು ಅಭಿಪ್ರಾಯಪಟ್ಟರು. ಕುಂಬಾರಿಕೆ ವಿಭಾಗ ಸಣ್ಣ ಕೈಗಾರಿಕಾ ಸಂಸ್ಥೆಯ ವತಿಯಿಂದ ಆಯೋಜಿಸಿದ್ದ ತರಬೇತಿ ಶಿಬಿರದ ಸಮಾರೋಪ ಸಮಾರಂಭದಲ್ಲಿ ಅವರು ಮಾತನಾಡಿದರು. ಗ್ರಾಮೀಣ ಭಾಗದ ಮಹಿಳೆಯರು ಸ್ವಾವಲಂಬಿಗಳಾಗಲು ಈ ತರಬೇತಿ ಸಹಕಾರಿಯಾಗಲಿದೆ. ಕುಂಬಾರಿಕೆ ವೃತ್ತಿಯಲ್ಲಿ ಹೊಸ ತಂತ್ರಜ್ಞಾನ ಬಳಸಿ ಮಣ್ಣಿನ ಪಾತ್ರೆ, ಅಲಂಕಾರಿಕ ವಸ್ತುಗಳನ್ನು ತಯಾರಿಸಿ ಮಾರುಕಟ್ಟೆಗೆ ಒದಗಿಸಬೇಕು. ಸರ್ಕಾರದ ವಿವಿಧ ಯೋಜನೆಗಳ ಸೌಲಭ್ಯ ಪಡೆದುಕೊಳ್ಳಬೇಕು ಎಂದರು. ತರಬೇತಿ ಪಡೆದ ಶಿಬಿರಾರ್ಥಿಗಳಿಗೆ ಪ್ರಮಾಣ ಪತ್ರ ವಿತರಿಸಲಾಯಿತು. ಗ್ರಾಮೀಣ ಭಾಗದಲ್ಲಿ ಕುಂಬಾರಿಕೆ ಸೇರಿದಂತೆ ಕುಲ ಕಸುಬುಗಳನ್ನು ಉಳಿಸಿ ಬೆಳೆಸುವ ಸಂದರ್ಭದಲ್ಲಿ ಹೆಣ್ಣು ಮಕ್ಕಳು ತಮ್ಮ ಕುಲ ಕಸಬುಗಳ ತರಬೇತಿ ಪಡೆಯುತ್ತಿರುವುದು ಇತರರಿಗೆ ಮಾದರಿಯಾಗಿದೆ ಎಂದು ಅತಿಥಿಗಳು ಅಭಿಪ್ರಾಯಪಟ್ಟರು. ಕುಂಬಾರಿಕೆ ವಿಭಾಗ ಸಣ್ಣ ಕೈಗಾರಿಕಾ ಸಂಸ್ಥೆಯ ವತಿಯಿಂದ ಆಯೋಜಿಸಿದ್ದ ತರಬೇತಿ ಶಿಬಿರದ ಸಮಾರೋಪ ಸಮಾರಂಭದಲ್ಲಿ ಅವರು ಮಾತನಾಡಿದರು. ಗ್ರಾಮೀಣ ಭಾಗದ ಮಹಿಳೆಯರು ಸ್ವಾವಲಂಬಿಗಳಾಗಲು ಈ ತರಬೇತಿ ಸಹಕಾರಿಯಾಗಲಿದೆ. ಕುಂಬಾರಿಕೆ ವೃತ್ತಿಯಲ್ಲಿ ಹೊಸ ತಂತ್ರಜ್ಞಾನ ಬಳಸಿ ಮಣ್ಣಿನ ಪಾತ್ರೆ, ಅಲಂಕಾರಿಕ ವಸ್ತುಗಳನ್ನು ತಯಾರಿಸಿ ಮಾರುಕಟ್ಟೆಗೆ ಒದಗಿಸಬೇಕು. ಸರ್ಕಾರದ ವಿವಿಧ ಯೋಜನೆಗಳ ಸೌಲಭ್ಯ ಪಡೆದುಕೊಳ್ಳಬೇಕು ಎಂದರು. ತರಬೇತಿ ಪಡೆದ ಶಿಬಿರಾರ್ಥಿಗಳಿಗೆ ಪ್ರಮಾಣ ಪತ್ರ ವಿತರಿಸಲಾಯಿತು.
ಪರಿಶಿಷ್ಟರ ಕುಂದು ಕೊರತೆ ಬಗೆಹರಿಸಿ
ಬೆಂಗಳೂರು: ಪರಿಶಿಷ್ಟ ಜಾತಿ ಮತ್ತು ಪರಿಶಿಷ್ಟ ಪಂಗಡದ ಜನರಿಗೆ ಸಂಬಂಧಿಸಿದಂತೆ ಕುಂದುಕೊರತೆಗಳನ್ನು ಅಧಿಕಾರಿಗಳು ಗಂಭೀರವಾಗಿ ಪರಿಗಣಿಸಿ, ಕಾಲಮಿತಿಯೊಳಗೆ ಬಗೆಹರಿಸಬೇಕು ಎಂದು ಜಿಲ್ಲಾಧಿಕಾರಿಗಳು ಸೂಚಿಸಿದರು. ಜಿಲ್ಲಾಧಿಕಾರಿಗಳ ಕಚೇರಿಯ ಸಭಾಂಗಣದಲ್ಲಿ ನಡೆದ ಪರಿಶಿಷ್ಟ ಜಾತಿ ಮತ್ತು ಪರಿಶಿಷ್ಟ ಪಂಗಡದ ಕುಂದುಕೊರತೆ ಸಭೆಯ ಅಧ್ಯಕ್ಷತೆ ವಹಿಸಿ ಅವರು ಮಾತನಾಡಿದರು. ಸಮಾಜ ಕಲ್ಯಾಣ ಇಲಾಖೆಯ ವಿವಿಧ ಯೋಜನೆಗಳ ಸೌಲಭ್ಯಗಳನ್ನು ಅರ್ಹ ಫಲಾನುಭವಿಗಳಿಗೆ ತಲುಪಿಸಬೇಕು. ಸ್ಮಶಾನ ಭೂಮಿ, ನಿವೇಶನ ಹಂಚಿಕೆ ಹಾಗೂ ದೌರ್ಜನ್ಯ ಪ್ರಕರಣಗಳಲ್ಲಿ ಸಂತ್ರಸ್ತರಿಗೆ ಪರಿಹಾರ ಧನ ವಿತರಣೆ ವಿಳಂಬವಾಗಬಾರದು ಎಂದರು. ಸಭೆಯಲ್ಲಿ ಜಿಲ್ಲಾ ಪಂಚಾಯತ್ ಮುಖ್ಯ ಕಾರ್ಯನಿರ್ವಾಹಕ ಅಧಿಕಾರಿ, ಅಪರ ಜಿಲ್ಲಾಧಿಕಾರಿ, ಸಮಾಜ ಕಲ್ಯಾಣ ಇಲಾಖೆಯ ಉಪ ನಿರ್ದೇಶಕರು ಸೇರಿದಂತೆ ವಿವಿಧ ಇಲಾಖೆಗಳ ಅಧಿಕಾರಿಗಳು ಹಾಗೂ ಸಮಿತಿ ಸದಸ್ಯರು ಉಪಸ್ಥಿತರಿದ್ದರು.
ಪರಿಶಿಷ್ಟ ಜಾತಿ ಮತ್ತು ಪರಿಶಿಷ್ಟ ಪಂಗಡದ ಜನರಿಗೆ ಸಂಬಂಧಿಸಿದಂತೆ ಕುಂದುಕೊರತೆಗಳನ್ನು ಅಧಿಕಾರಿಗಳು ಗಂಭೀರವಾಗಿ ಪರಿಗಣಿಸಿ, ಕಾಲಮಿತಿಯೊಳಗೆ ಬಗೆಹರಿಸಬೇಕು ಎಂದು ಜಿಲ್ಲಾಧಿಕಾರಿಗಳು ಸೂಚಿಸಿದರು. ಜಿಲ್ಲಾಧಿಕಾರಿಗಳ ಕಚೇರಿಯ ಸಭಾಂಗಣದಲ್ಲಿ ನಡೆದ ಪರಿಶಿಷ್ಟ ಜಾತಿ ಮತ್ತು ಪರಿಶಿಷ್ಟ ಪಂಗಡದ ಕುಂದುಕೊರತೆ ಸಭೆಯ ಅಧ್ಯಕ್ಷತೆ ವಹಿಸಿ ಅವರು ಮಾತನಾಡಿದರು. ಸಮಾಜ ಕಲ್ಯಾಣ ಇಲಾಖೆಯ ವಿವಿಧ ಯೋಜನೆಗಳ ಸೌಲಭ್ಯಗಳನ್ನು ಅರ್ಹ ಫಲಾನುಭವಿಗಳಿಗೆ ತಲುಪಿಸಬೇಕು. ಸ್ಮಶಾನ ಭೂಮಿ, ನಿವೇಶನ ಹಂಚಿಕೆ ಹಾಗೂ ದೌರ್ಜನ್ಯ ಪ್ರಕರಣಗಳಲ್ಲಿ ಸಂತ್ರಸ್ತರಿಗೆ ಪರಿಹಾರ ಧನ ವಿತರಣೆ ವಿಳಂಬವಾಗಬಾರದು ಎಂದರು. ಸಭೆಯಲ್ಲಿ ಜಿಲ್ಲಾ ಪಂಚಾಯತ್ ಮುಖ್ಯ ಕಾರ್ಯನಿರ್ವಾಹಕ ಅಧಿಕಾರಿ, ಅಪರ ಜಿಲ್ಲಾಧಿಕಾರಿ, ಸಮಾಜ ಕಲ್ಯಾಣ ಇಲಾಖೆಯ ಉಪ ನಿರ್ದೇಶಕರು ಸೇರಿದಂತೆ ವಿವಿಧ ಇಲಾಖೆಗಳ ಅಧಿಕಾರಿಗಳು ಹಾಗೂ ಸಮಿತಿ ಸದಸ್ಯರು ಉಪಸ್ಥಿತರಿದ್ದರು. ಪರಿಶಿಷ್ಟ ಜಾತಿ ಮತ್ತು ಪರಿಶಿಷ್ಟ ಪಂಗಡದ ಜನರಿಗೆ ಸಂಬಂಧಿಸಿದಂತೆ ಕುಂದುಕೊರತೆಗಳನ್ನು ಅಧಿಕಾರಿಗಳು ಗಂಭೀರವಾಗಿ ಪರಿಗಣಿಸಿ, ಕಾಲಮಿತಿಯೊಳಗೆ ಬಗೆಹರಿಸಬೇಕು ಎಂದು ಜಿಲ್ಲಾಧಿಕಾರಿಗಳು ಸೂಚಿಸಿದರು. ಜಿಲ್ಲಾಧಿಕಾರಿಗಳ ಕಚೇರಿಯ ಸಭಾಂಗಣದಲ್ಲಿ ನಡೆದ ಪರಿಶಿಷ್ಟ ಜಾತಿ ಮತ್ತು ಪರಿಶಿಷ್ಟ ಪಂಗಡದ ಕುಂದುಕೊರತೆ ಸಭೆಯ ಅಧ್ಯಕ್ಷತೆ ವಹಿಸಿ ಅವರು ಮಾತನಾಡಿದರು. ಸಮಾಜ ಕಲ್ಯಾಣ ಇಲಾಖೆಯ ವಿವಿಧ ಯೋಜನೆಗಳ ಸೌಲಭ್ಯಗಳನ್ನು ಅರ್ಹ ಫಲಾನುಭವಿಗಳಿಗೆ ತಲುಪಿಸಬೇಕು. ಸ್ಮಶಾನ ಭೂಮಿ, ನಿವೇಶನ ಹಂಚಿಕೆ ಹಾಗೂ ದೌರ್ಜನ್ಯ ಪ್ರಕರಣಗಳಲ್ಲಿ ಸಂತ್ರಸ್ತರಿಗೆ ಪರಿಹಾರ ಧನ ವಿತರಣೆ ವಿಳಂಬವಾಗಬಾರದು ಎಂದರು. ಸಭೆಯಲ್ಲಿ ಜಿಲ್ಲಾ ಪಂಚಾಯತ್ ಮುಖ್ಯ ಕಾರ್ಯನಿರ್ವಾಹಕ ಅಧಿಕಾರಿ, ಅಪರ ಜಿಲ್ಲಾಧಿಕಾರಿ, ಸಮಾಜ ಕಲ್ಯಾಣ ಇಲಾಖೆಯ ಉಪ ನಿರ್ದೇಶಕರು ಸೇರಿದಂತೆ ವಿವಿಧ ಇಲಾಖೆಗಳ ಅಧಿಕಾರಿಗಳು ಹಾಗೂ ಸಮಿತಿ ಸದಸ್ಯರು ಉಪಸ್ಥಿತರಿದ್ದರು.
